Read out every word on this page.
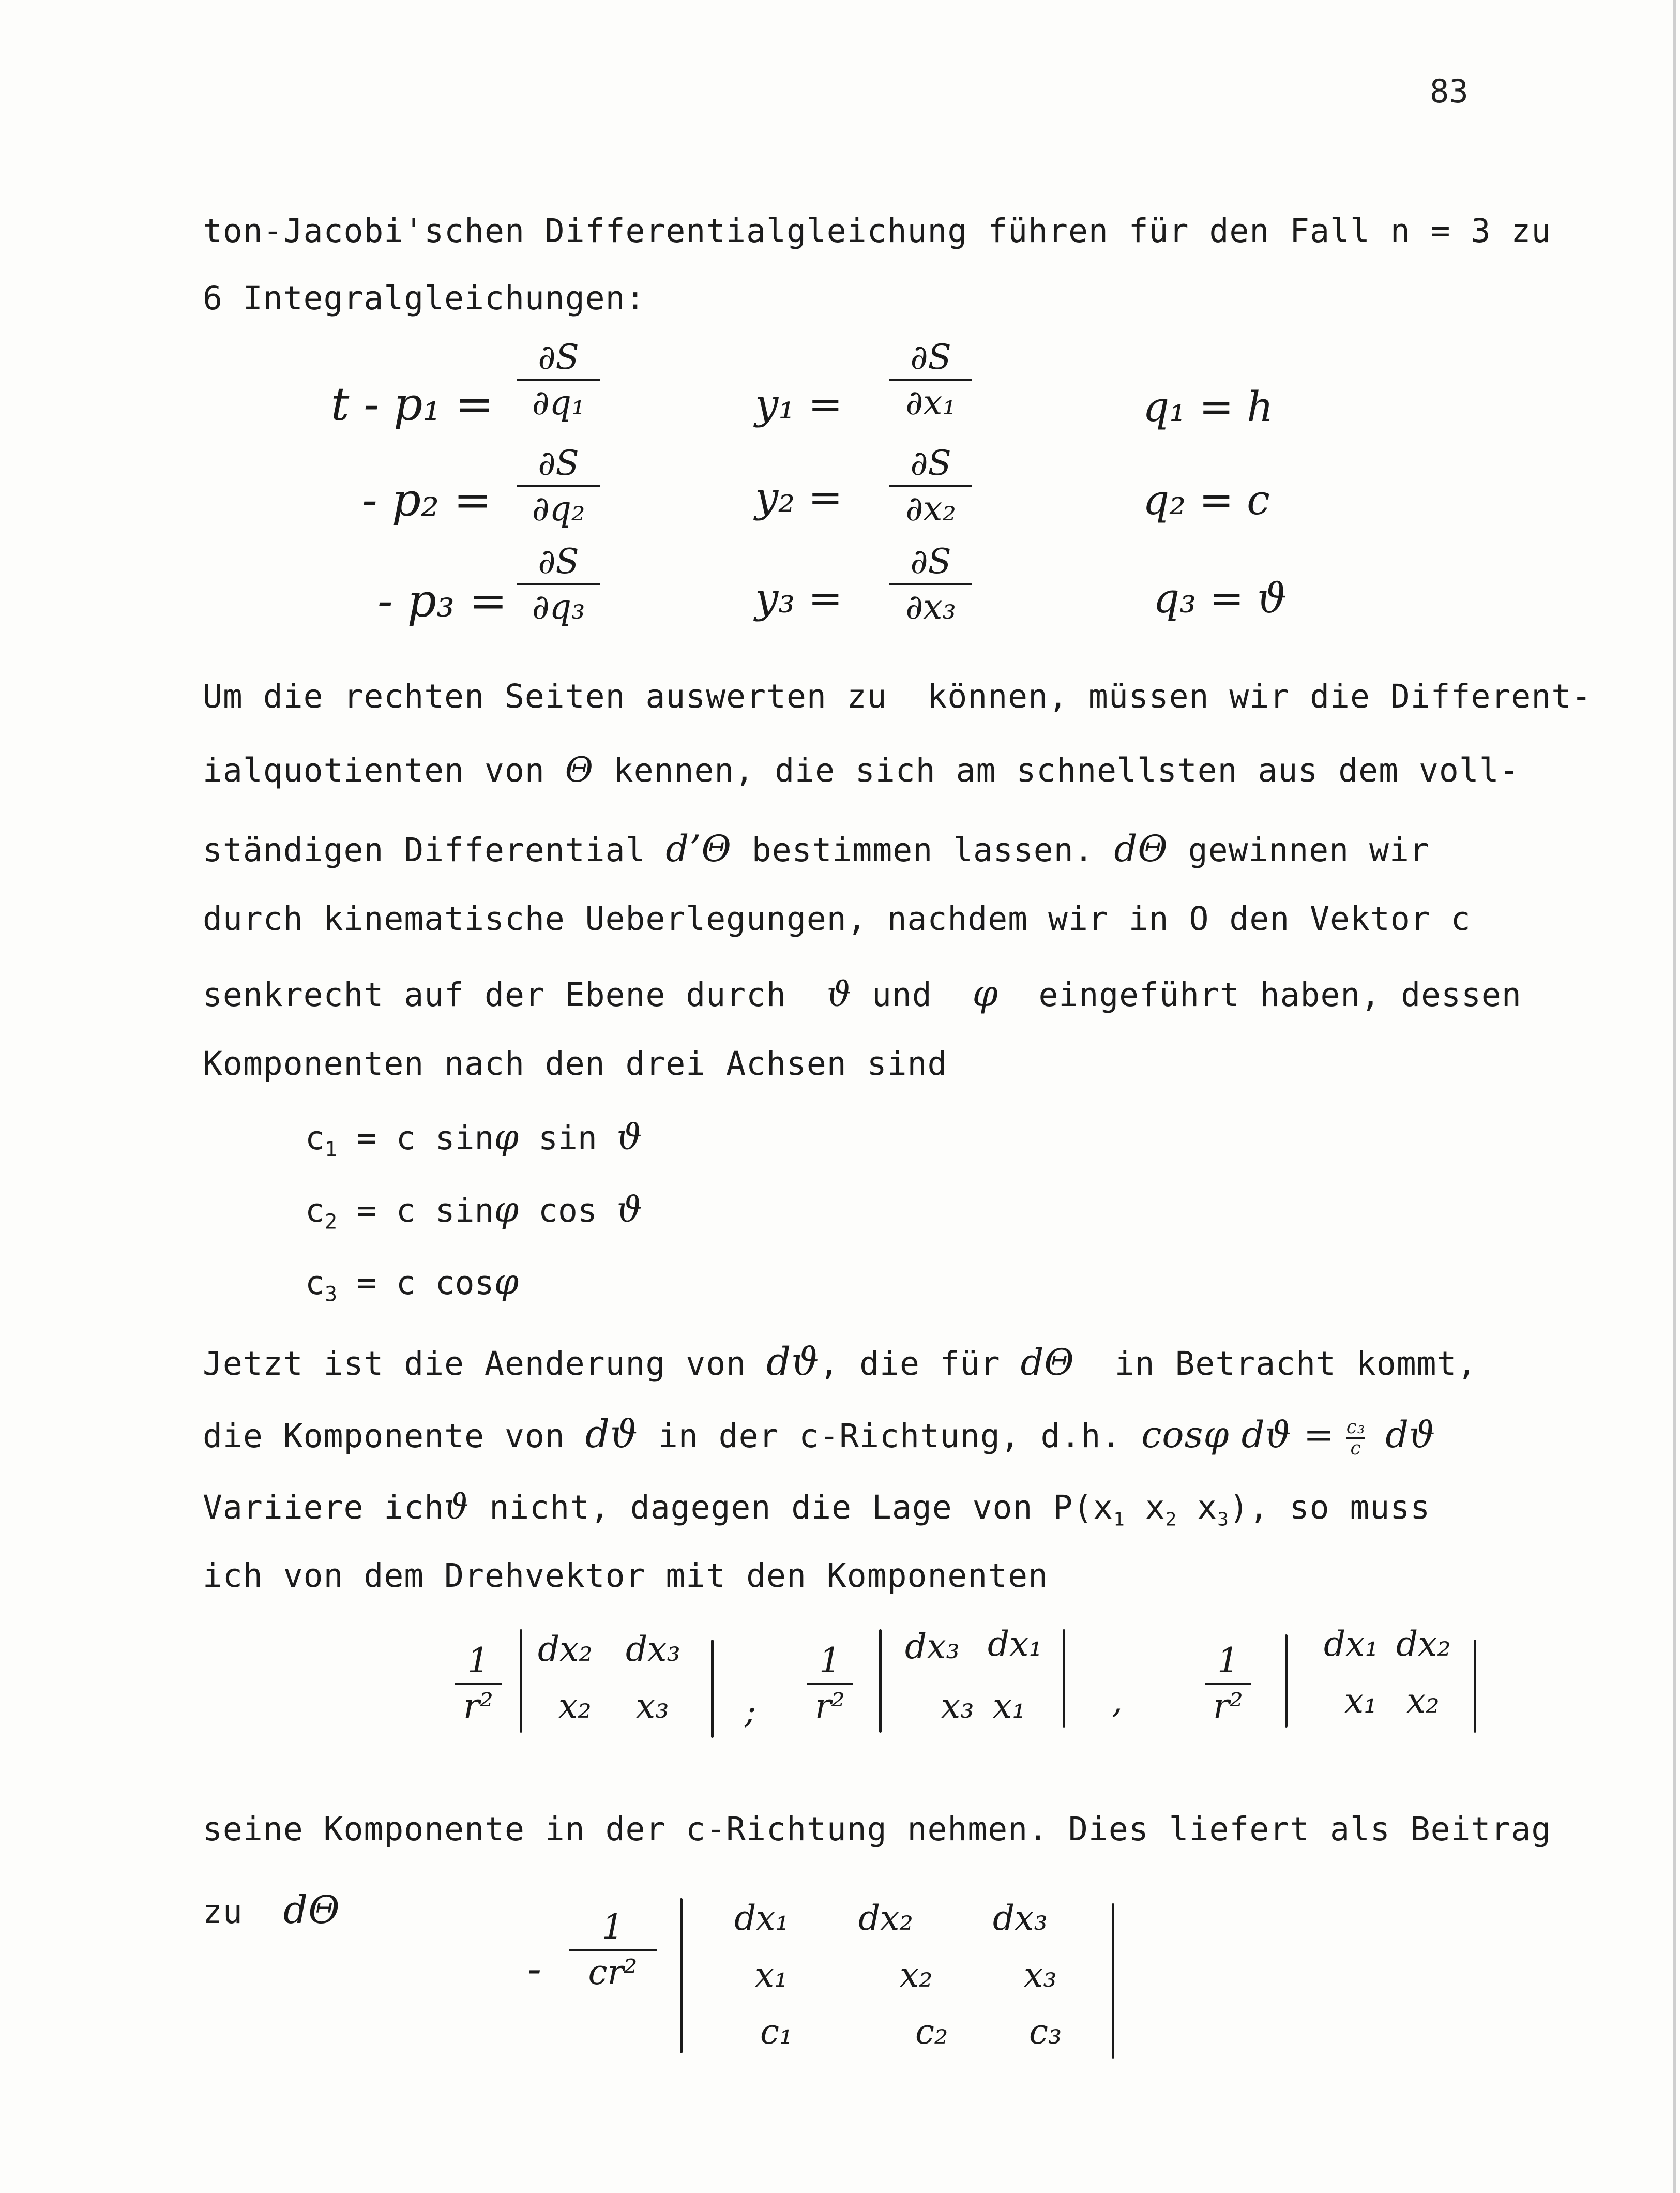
83
ton-Jacobi'schen Differentialgleichung führen für den Fall n = 3 zu
6 Integralgleichungen:
t - p₁ =
∂S
∂q₁	y₁ =
∂S
∂x₁	q₁ = h
- p₂ =
∂S
∂q₂	y₂ =
∂S
∂x₂	q₂ = c
- p₃ =
∂S
∂q₃	y₃ =
∂S
∂x₃	q₃ = ϑ
Um die rechten Seiten auswerten zu  können, müssen wir die Different-
ialquotienten von Θ kennen, die sich am schnellsten aus dem voll-
ständigen Differential d’Θ bestimmen lassen. dΘ gewinnen wir
durch kinematische Ueberlegungen, nachdem wir in O den Vektor c
senkrecht auf der Ebene durch ϑ und φ eingeführt haben, dessen
Komponenten nach den drei Achsen sind
$c_1 = c$ sinφ sin ϑ
$c_2 = c$ sinφ cos ϑ
$c_3 = c$ cosφ
Jetzt ist die Aenderung von dϑ, die für dΘ in Betracht kommt,
die Komponente von dϑ in der c-Richtung, d.h. cosφ $dϑ = \frac{\text{c₃}}{c}$ dϑ
Variiere ichϑ nicht, dagegen die Lage von $P(x_1$ $x_2$ $x_3$), so muss
ich von dem Drehvektor mit den Komponenten
1
r²
dx₂ dx₃
x₂ x₃ ;
1
r²
dx₃ dx₁
x₃ x₁	,
1
r²
dx₁ dx₂
x₁ x₂
seine Komponente in der c-Richtung nehmen. Dies liefert als Beitrag
zu dΘ
-
1
cr²
dx₁ dx₂ dx₃
x₁	x₂	x₃
c₁	c₂ c₃
